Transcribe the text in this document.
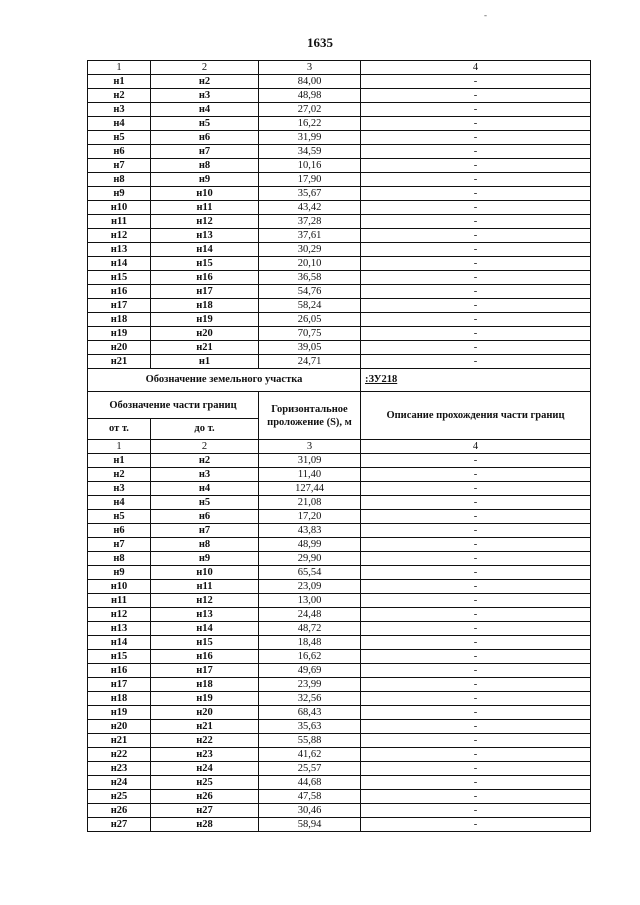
1635
-
1	2	3	4
н1	н2	84,00	-
н2	н3	48,98	-
н3	н4	27,02	-
н4	н5	16,22	-
н5	н6	31,99	-
н6	н7	34,59	-
н7	н8	10,16	-
н8	н9	17,90	-
н9	н10	35,67	-
н10	н11	43,42	-
н11	н12	37,28	-
н12	н13	37,61	-
н13	н14	30,29	-
н14	н15	20,10	-
н15	н16	36,58	-
н16	н17	54,76	-
н17	н18	58,24	-
н18	н19	26,05	-
н19	н20	70,75	-
н20	н21	39,05	-
н21	н1	24,71	-
Обозначение земельного участка			:ЗУ218
Обозначение части границ		Горизонтальное проложение (S), м	Описание прохождения части границ
от т.	до т.		
1	2	3	4
н1	н2	31,09	-
н2	н3	11,40	-
н3	н4	127,44	-
н4	н5	21,08	-
н5	н6	17,20	-
н6	н7	43,83	-
н7	н8	48,99	-
н8	н9	29,90	-
н9	н10	65,54	-
н10	н11	23,09	-
н11	н12	13,00	-
н12	н13	24,48	-
н13	н14	48,72	-
н14	н15	18,48	-
н15	н16	16,62	-
н16	н17	49,69	-
н17	н18	23,99	-
н18	н19	32,56	-
н19	н20	68,43	-
н20	н21	35,63	-
н21	н22	55,88	-
н22	н23	41,62	-
н23	н24	25,57	-
н24	н25	44,68	-
н25	н26	47,58	-
н26	н27	30,46	-
н27	н28	58,94	-
